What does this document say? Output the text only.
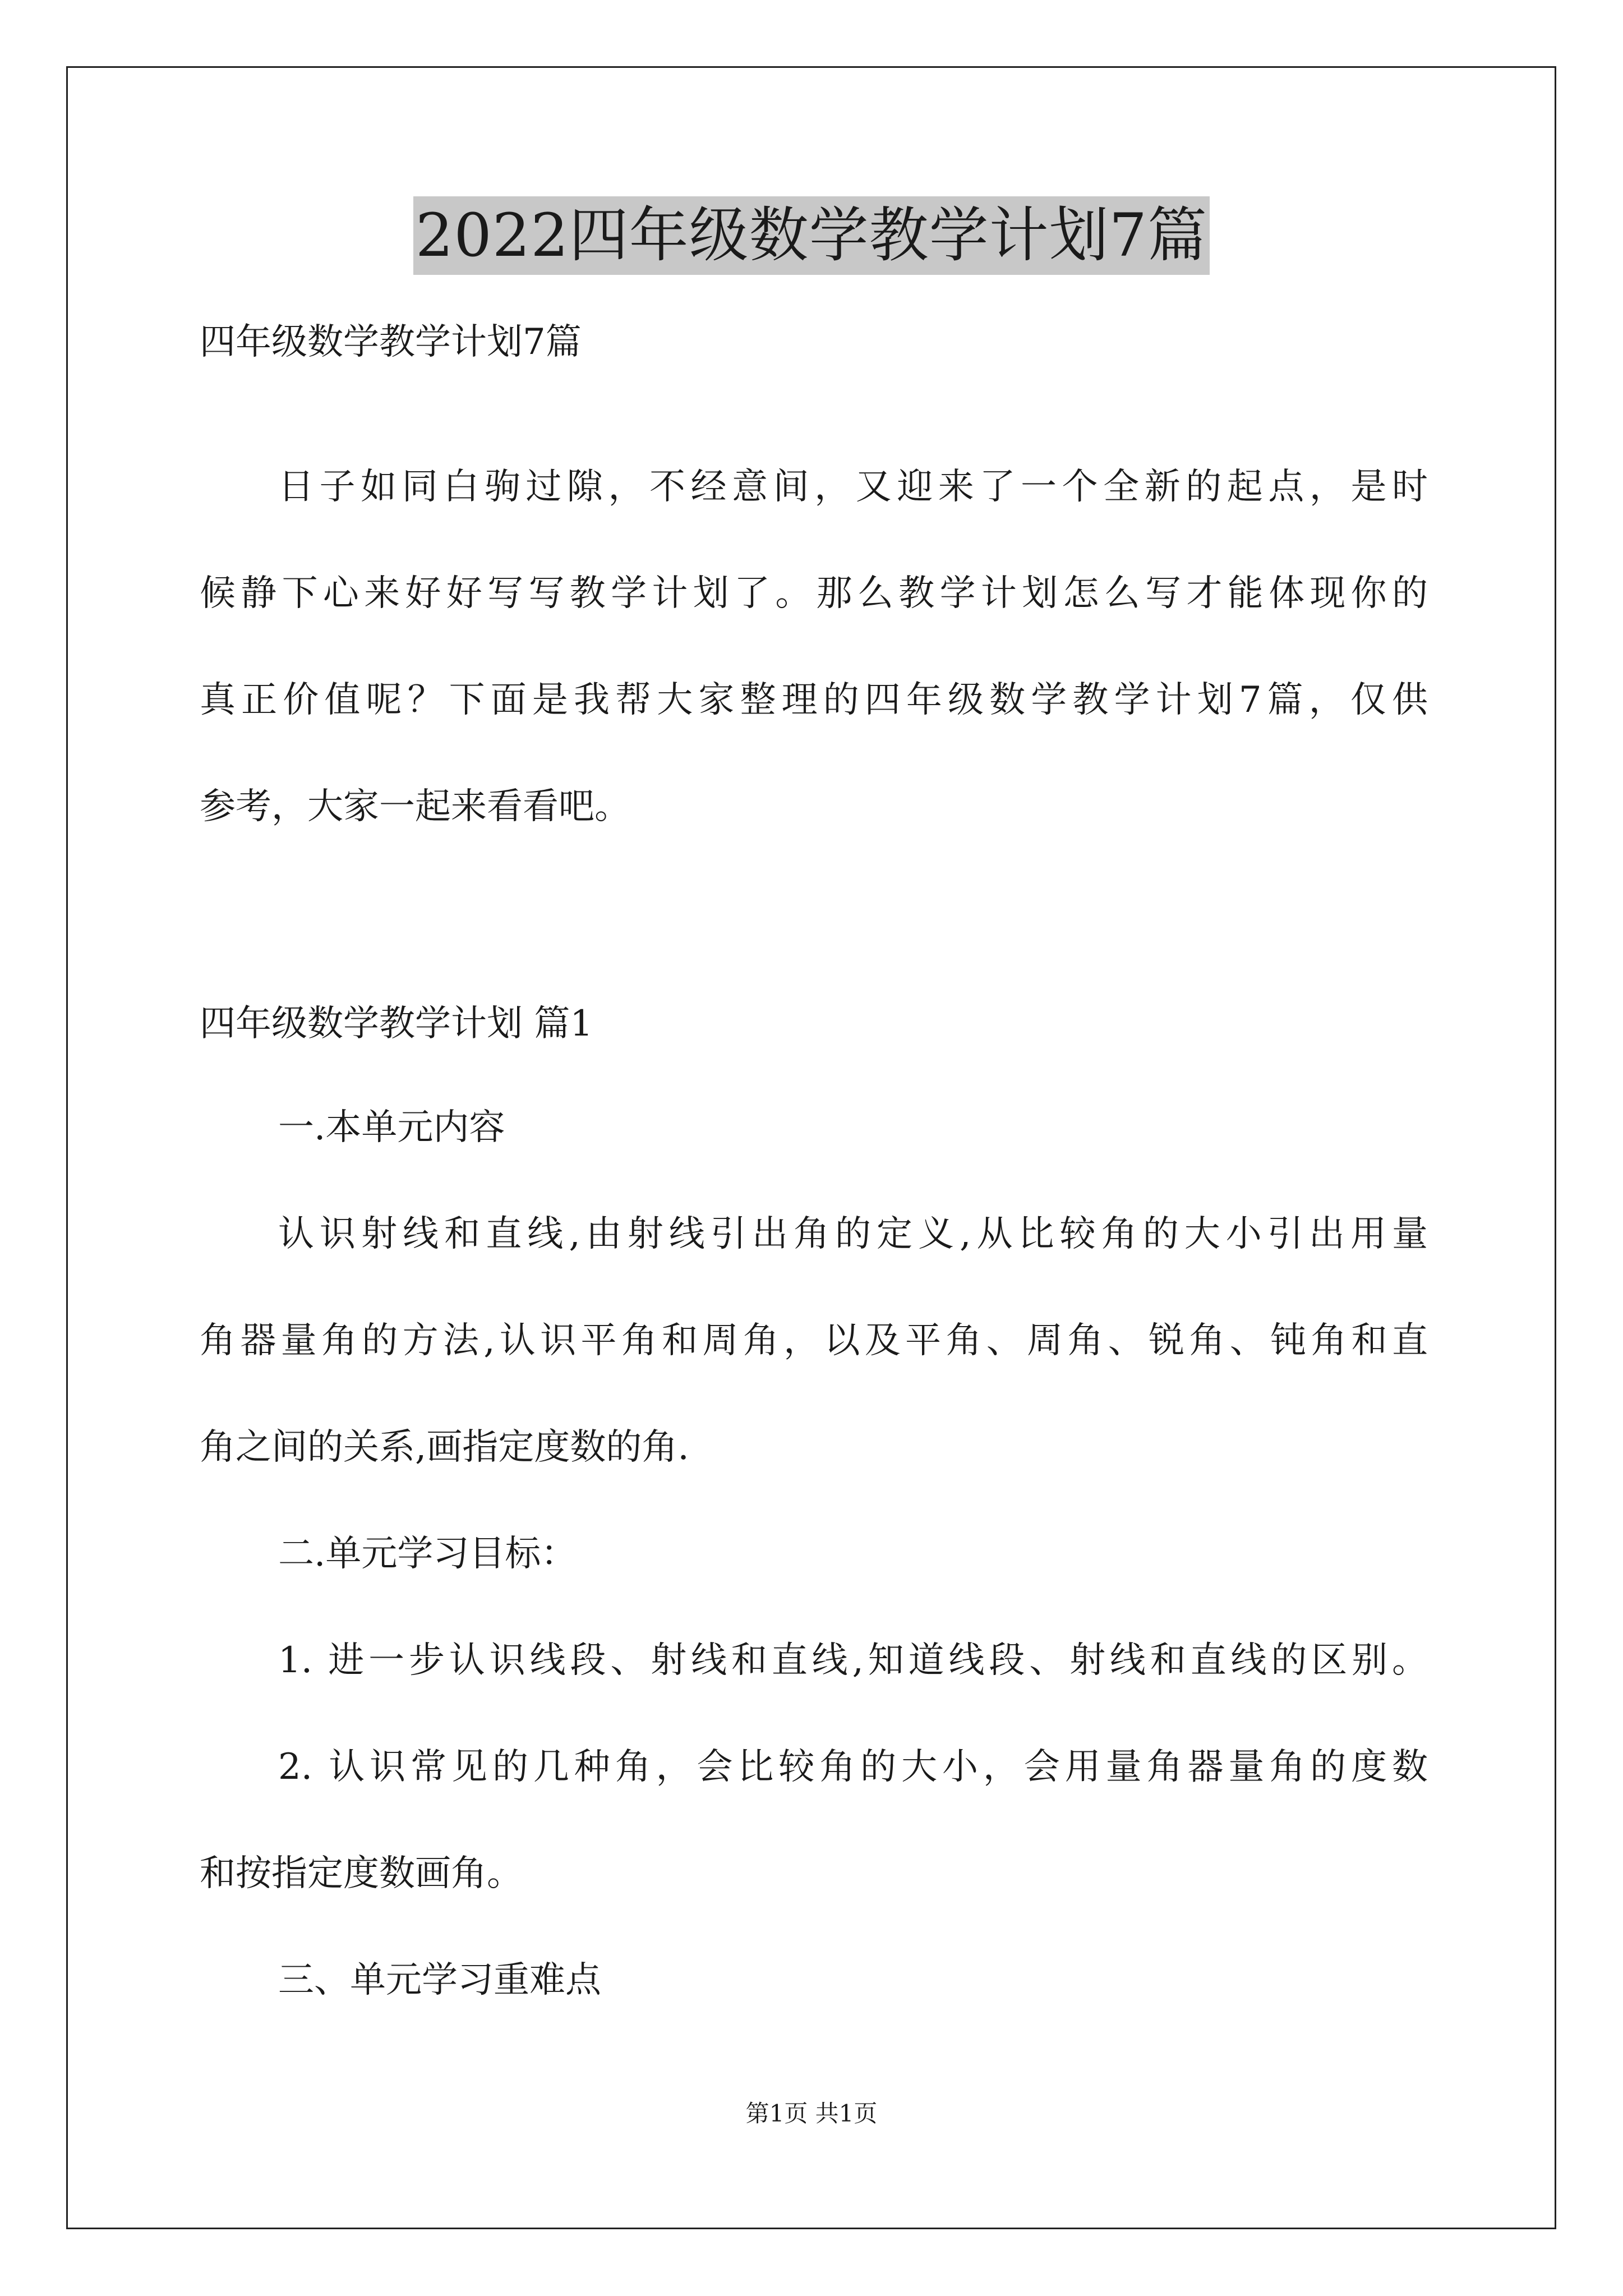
2022四年级数学教学计划7篇
四年级数学教学计划7篇
日子如同白驹过隙，不经意间，又迎来了一个全新的起点，是时
候静下心来好好写写教学计划了。那么教学计划怎么写才能体现你的
真正价值呢？下面是我帮大家整理的四年级数学教学计划7篇，仅供
参考，大家一起来看看吧。
四年级数学教学计划 篇1
一.本单元内容
认识射线和直线,由射线引出角的定义,从比较角的大小引出用量
角器量角的方法,认识平角和周角，以及平角、周角、锐角、钝角和直
角之间的关系,画指定度数的角.
二.单元学习目标：
1. 进一步认识线段、射线和直线,知道线段、射线和直线的区别。
2. 认识常见的几种角，会比较角的大小，会用量角器量角的度数
和按指定度数画角。
三、单元学习重难点
第1页 共1页
